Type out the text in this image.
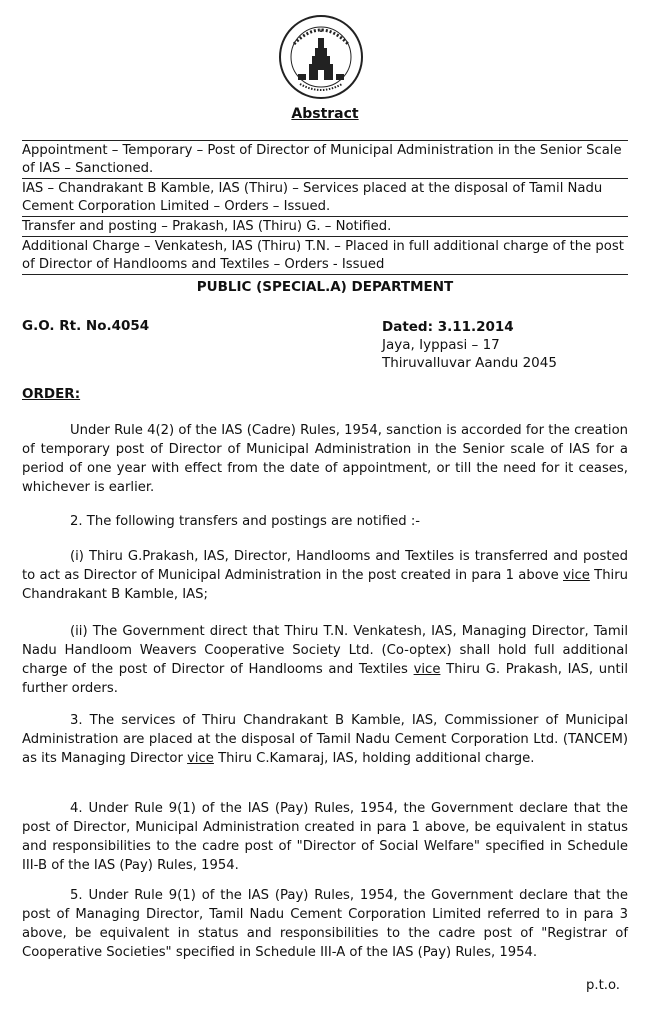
Abstract
Appointment – Temporary – Post of Director of Municipal Administration in the Senior Scale of IAS – Sanctioned.
IAS – Chandrakant B Kamble, IAS (Thiru) – Services placed at the disposal of Tamil Nadu Cement Corporation Limited – Orders – Issued.
Transfer and posting – Prakash, IAS (Thiru) G. – Notified.
Additional Charge – Venkatesh, IAS (Thiru) T.N. – Placed in full additional charge of the post of Director of Handlooms and Textiles – Orders - Issued
PUBLIC (SPECIAL.A) DEPARTMENT
G.O. Rt. No.4054	Dated: 3.11.2014
Jaya, Iyppasi – 17
Thiruvalluvar Aandu 2045
ORDER:

Under Rule 4(2) of the IAS (Cadre) Rules, 1954, sanction is accorded for the creation of temporary post of Director of Municipal Administration in the Senior scale of IAS for a period of one year with effect from the date of appointment, or till the need for it ceases, whichever is earlier.

2. The following transfers and postings are notified :-

(i) Thiru G.Prakash, IAS, Director, Handlooms and Textiles is transferred and posted to act as Director of Municipal Administration in the post created in para 1 above vice Thiru Chandrakant B Kamble, IAS;

(ii) The Government direct that Thiru T.N. Venkatesh, IAS, Managing Director, Tamil Nadu Handloom Weavers Cooperative Society Ltd. (Co-optex) shall hold full additional charge of the post of Director of Handlooms and Textiles vice Thiru G. Prakash, IAS, until further orders.

3. The services of Thiru Chandrakant B Kamble, IAS, Commissioner of Municipal Administration are placed at the disposal of Tamil Nadu Cement Corporation Ltd. (TANCEM) as its Managing Director vice Thiru C.Kamaraj, IAS, holding additional charge.

4. Under Rule 9(1) of the IAS (Pay) Rules, 1954, the Government declare that the post of Director, Municipal Administration created in para 1 above, be equivalent in status and responsibilities to the cadre post of "Director of Social Welfare" specified in Schedule III-B of the IAS (Pay) Rules, 1954.

5. Under Rule 9(1) of the IAS (Pay) Rules, 1954, the Government declare that the post of Managing Director, Tamil Nadu Cement Corporation Limited referred to in para 3 above, be equivalent in status and responsibilities to the cadre post of "Registrar of Cooperative Societies" specified in Schedule III-A of the IAS (Pay) Rules, 1954.

p.t.o.
